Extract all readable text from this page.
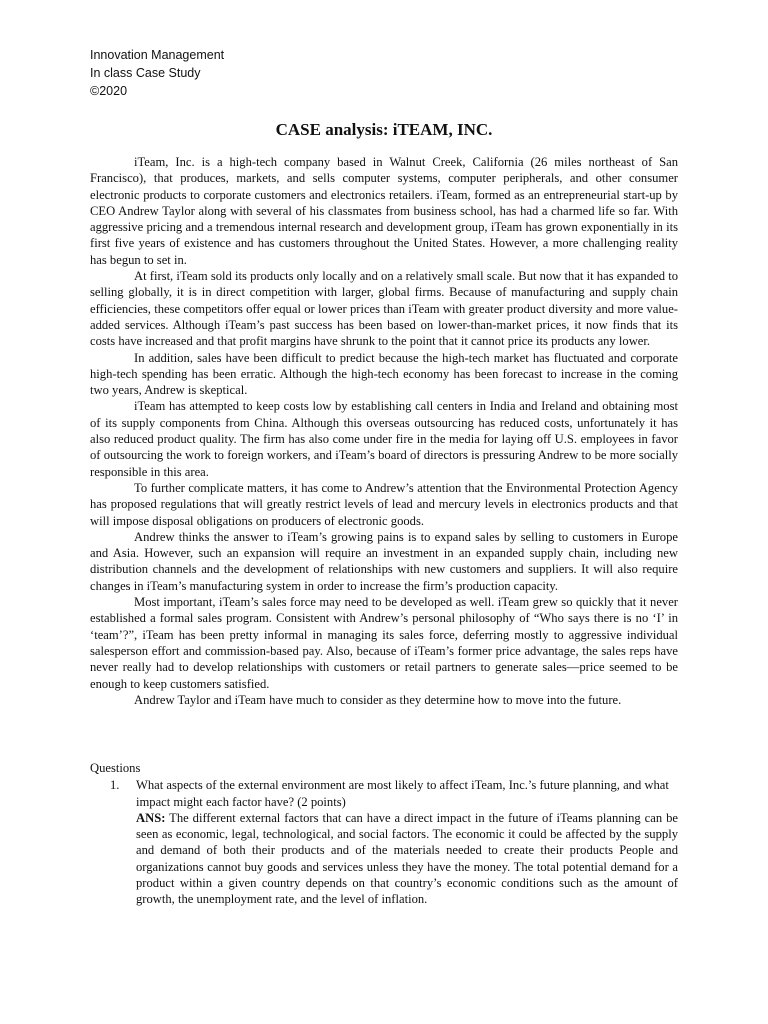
Innovation Management
In class Case Study
©2020
CASE analysis: iTEAM, INC.

iTeam, Inc. is a high-tech company based in Walnut Creek, California (26 miles northeast of San Francisco), that produces, markets, and sells computer systems, computer peripherals, and other consumer electronic products to corporate customers and electronics retailers. iTeam, formed as an entrepreneurial start-up by CEO Andrew Taylor along with several of his classmates from business school, has had a charmed life so far. With aggressive pricing and a tremendous internal research and development group, iTeam has grown exponentially in its first five years of existence and has customers throughout the United States. However, a more challenging reality has begun to set in.

At first, iTeam sold its products only locally and on a relatively small scale. But now that it has expanded to selling globally, it is in direct competition with larger, global firms. Because of manufacturing and supply chain efficiencies, these competitors offer equal or lower prices than iTeam with greater product diversity and more value-added services. Although iTeam’s past success has been based on lower-than-market prices, it now finds that its costs have increased and that profit margins have shrunk to the point that it cannot price its products any lower.

In addition, sales have been difficult to predict because the high-tech market has fluctuated and corporate high-tech spending has been erratic. Although the high-tech economy has been forecast to increase in the coming two years, Andrew is skeptical.

iTeam has attempted to keep costs low by establishing call centers in India and Ireland and obtaining most of its supply components from China. Although this overseas outsourcing has reduced costs, unfortunately it has also reduced product quality. The firm has also come under fire in the media for laying off U.S. employees in favor of outsourcing the work to foreign workers, and iTeam’s board of directors is pressuring Andrew to be more socially responsible in this area.

To further complicate matters, it has come to Andrew’s attention that the Environmental Protection Agency has proposed regulations that will greatly restrict levels of lead and mercury levels in electronics products and that will impose disposal obligations on producers of electronic goods.

Andrew thinks the answer to iTeam’s growing pains is to expand sales by selling to customers in Europe and Asia. However, such an expansion will require an investment in an expanded supply chain, including new distribution channels and the development of relationships with new customers and suppliers. It will also require changes in iTeam’s manufacturing system in order to increase the firm’s production capacity.

Most important, iTeam’s sales force may need to be developed as well. iTeam grew so quickly that it never established a formal sales program. Consistent with Andrew’s personal philosophy of “Who says there is no ‘I’ in ‘team’?”, iTeam has been pretty informal in managing its sales force, deferring mostly to aggressive individual salesperson effort and commission-based pay. Also, because of iTeam’s former price advantage, the sales reps have never really had to develop relationships with customers or retail partners to generate sales—price seemed to be enough to keep customers satisfied.

Andrew Taylor and iTeam have much to consider as they determine how to move into the future.

Questions

1. What aspects of the external environment are most likely to affect iTeam, Inc.’s future planning, and what impact might each factor have? (2 points)
ANS: The different external factors that can have a direct impact in the future of iTeams planning can be seen as economic, legal, technological, and social factors. The economic it could be affected by the supply and demand of both their products and of the materials needed to create their products People and organizations cannot buy goods and services unless they have the money. The total potential demand for a product within a given country depends on that country’s economic conditions such as the amount of growth, the unemployment rate, and the level of inflation.
